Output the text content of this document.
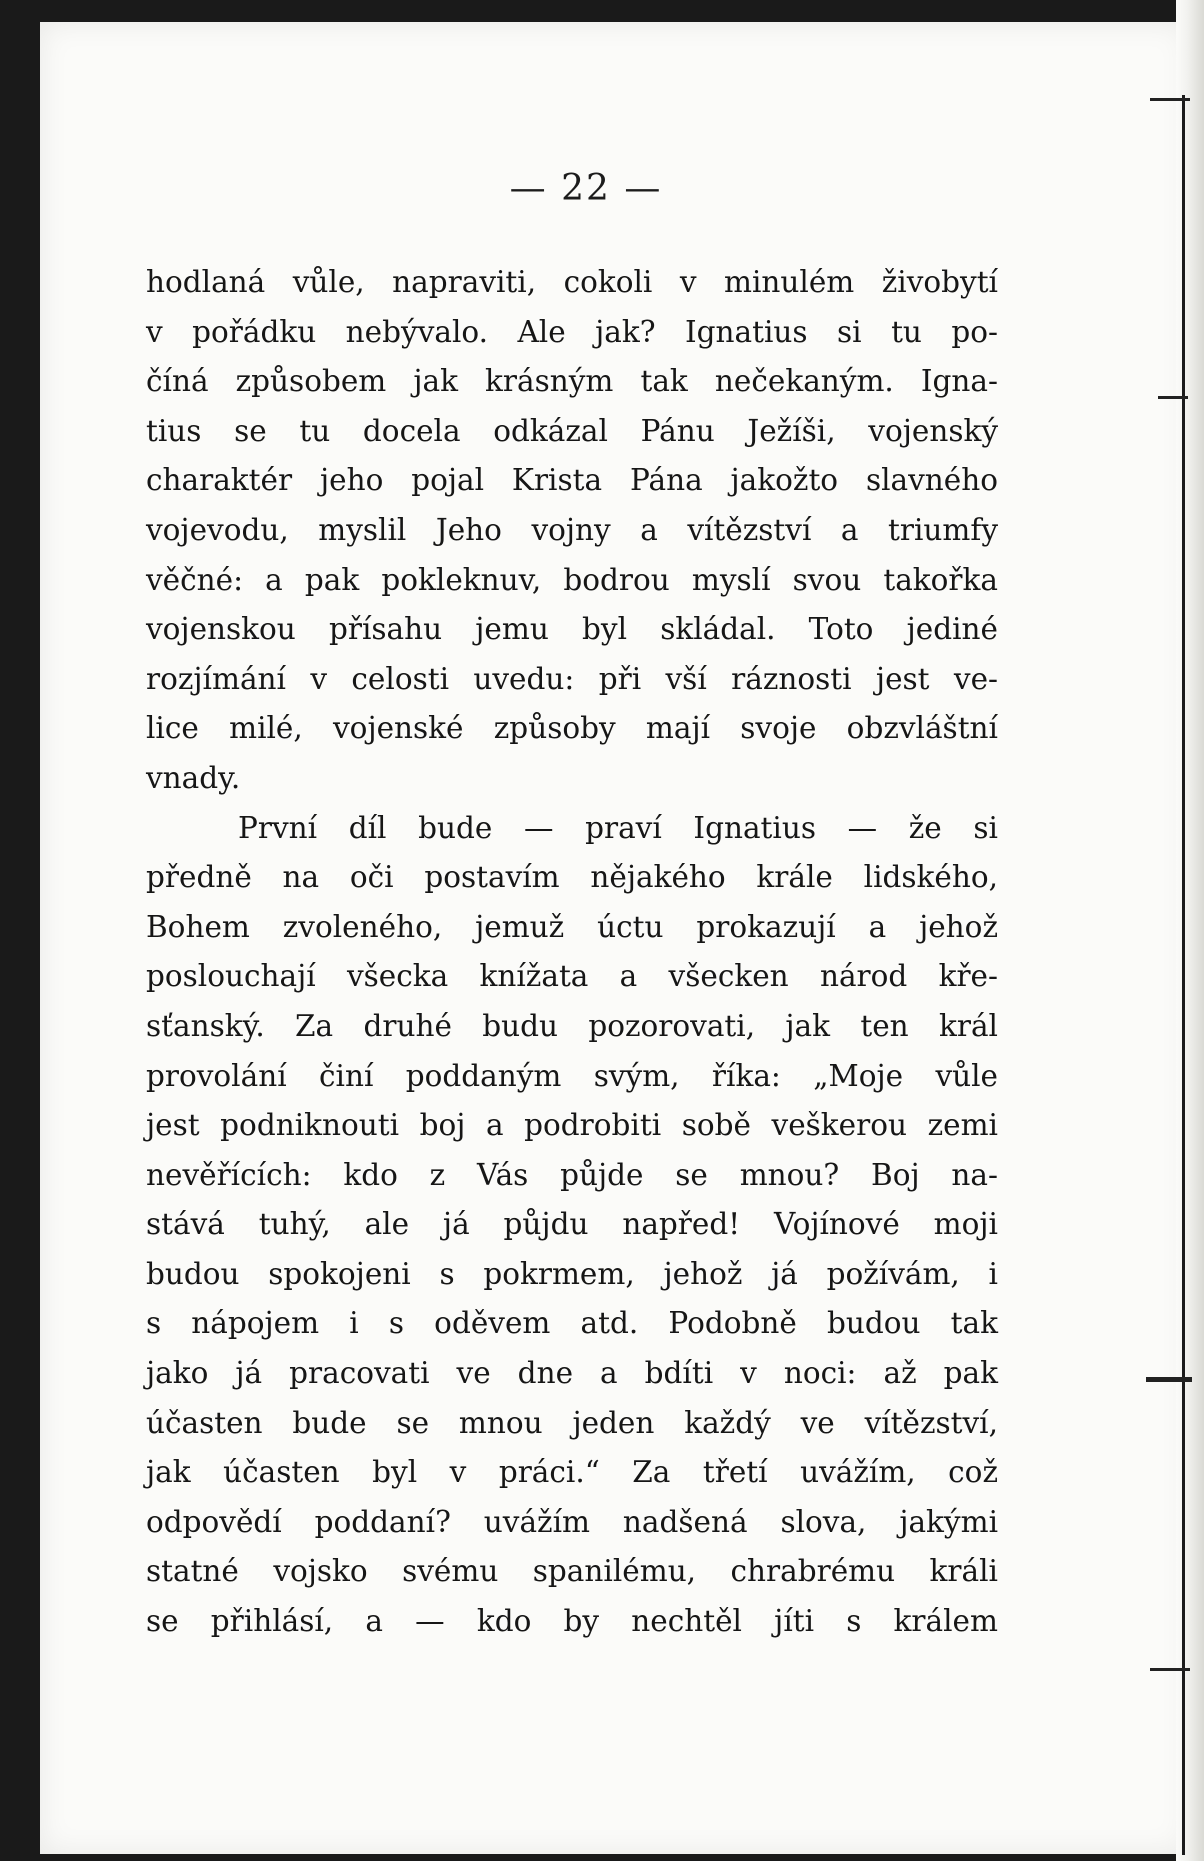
— 22 —
hodlaná vůle, napraviti, cokoli v minulém živobytí
v pořádku nebývalo. Ale jak? Ignatius si tu po-
číná způsobem jak krásným tak nečekaným. Igna-
tius se tu docela odkázal Pánu Ježíši, vojenský
charaktér jeho pojal Krista Pána jakožto slavného
vojevodu, myslil Jeho vojny a vítězství a triumfy
věčné: a pak pokleknuv, bodrou myslí svou takořka
vojenskou přísahu jemu byl skládal. Toto jediné
rozjímání v celosti uvedu: při vší ráznosti jest ve-
lice milé, vojenské způsoby mají svoje obzvláštní
vnady.
První díl bude — praví Ignatius — že si
předně na oči postavím nějakého krále lidského,
Bohem zvoleného, jemuž úctu prokazují a jehož
poslouchají všecka knížata a všecken národ kře-
sťanský. Za druhé budu pozorovati, jak ten král
provolání činí poddaným svým, říka: „Moje vůle
jest podniknouti boj a podrobiti sobě veškerou zemi
nevěřících: kdo z Vás půjde se mnou? Boj na-
stává tuhý, ale já půjdu napřed! Vojínové moji
budou spokojeni s pokrmem, jehož já požívám, i
s nápojem i s oděvem atd. Podobně budou tak
jako já pracovati ve dne a bdíti v noci: až pak
účasten bude se mnou jeden každý ve vítězství,
jak účasten byl v práci.“ Za třetí uvážím, což
odpovědí poddaní? uvážím nadšená slova, jakými
statné vojsko svému spanilému, chrabrému králi
se přihlásí, a — kdo by nechtěl jíti s králem
